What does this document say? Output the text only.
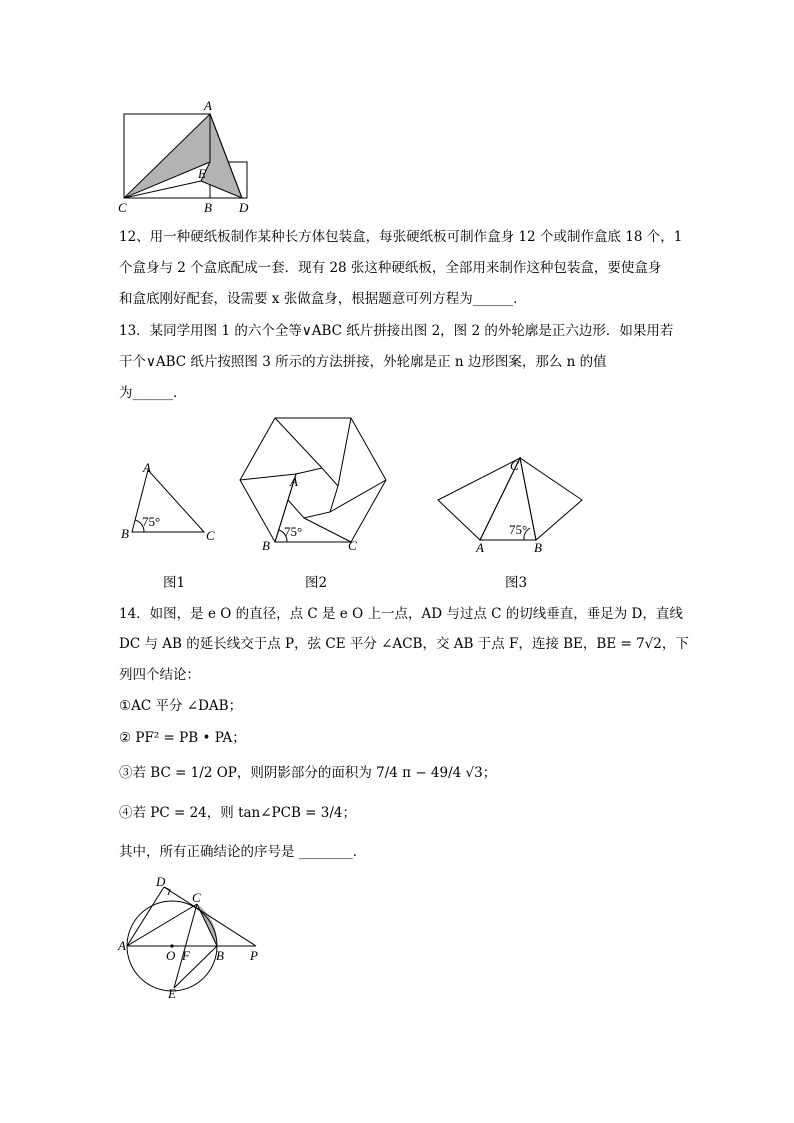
A
E
C	B D
12、用一种硬纸板制作某种长方体包装盒，每张硬纸板可制作盒身 12 个或制作盒底 18 个，1
个盒身与 2 个盒底配成一套．现有 28 张这种硬纸板，全部用来制作这种包装盒，要使盒身
和盒底刚好配套，设需要 x 张做盒身，根据题意可列方程为______．
13．某同学用图 1 的六个全等∨ABC 纸片拼接出图 2，图 2 的外轮廓是正六边形．如果用若
干个∨ABC 纸片按照图 3 所示的方法拼接，外轮廓是正 n 边形图案，那么 n 的值
为______．
A
B	C
75°
图1
A
B	C
75°
图2
C
A	B
75°
图3
14．如图，是 e O 的直径，点 C 是 e O 上一点，AD 与过点 C 的切线垂直，垂足为 D，直线
DC 与 AB 的延长线交于点 P，弦 CE 平分 ∠ACB，交 AB 于点 F，连接 BE，BE = 7√2，下
列四个结论：
①AC 平分 ∠DAB；
② PF² = PB • PA；
③若 BC = 1/2 OP，则阴影部分的面积为 7/4 π − 49/4 √3；
④若 PC = 24，则 tan∠PCB = 3/4；
其中，所有正确结论的序号是 ________．
D
C
A
O F B P
E
